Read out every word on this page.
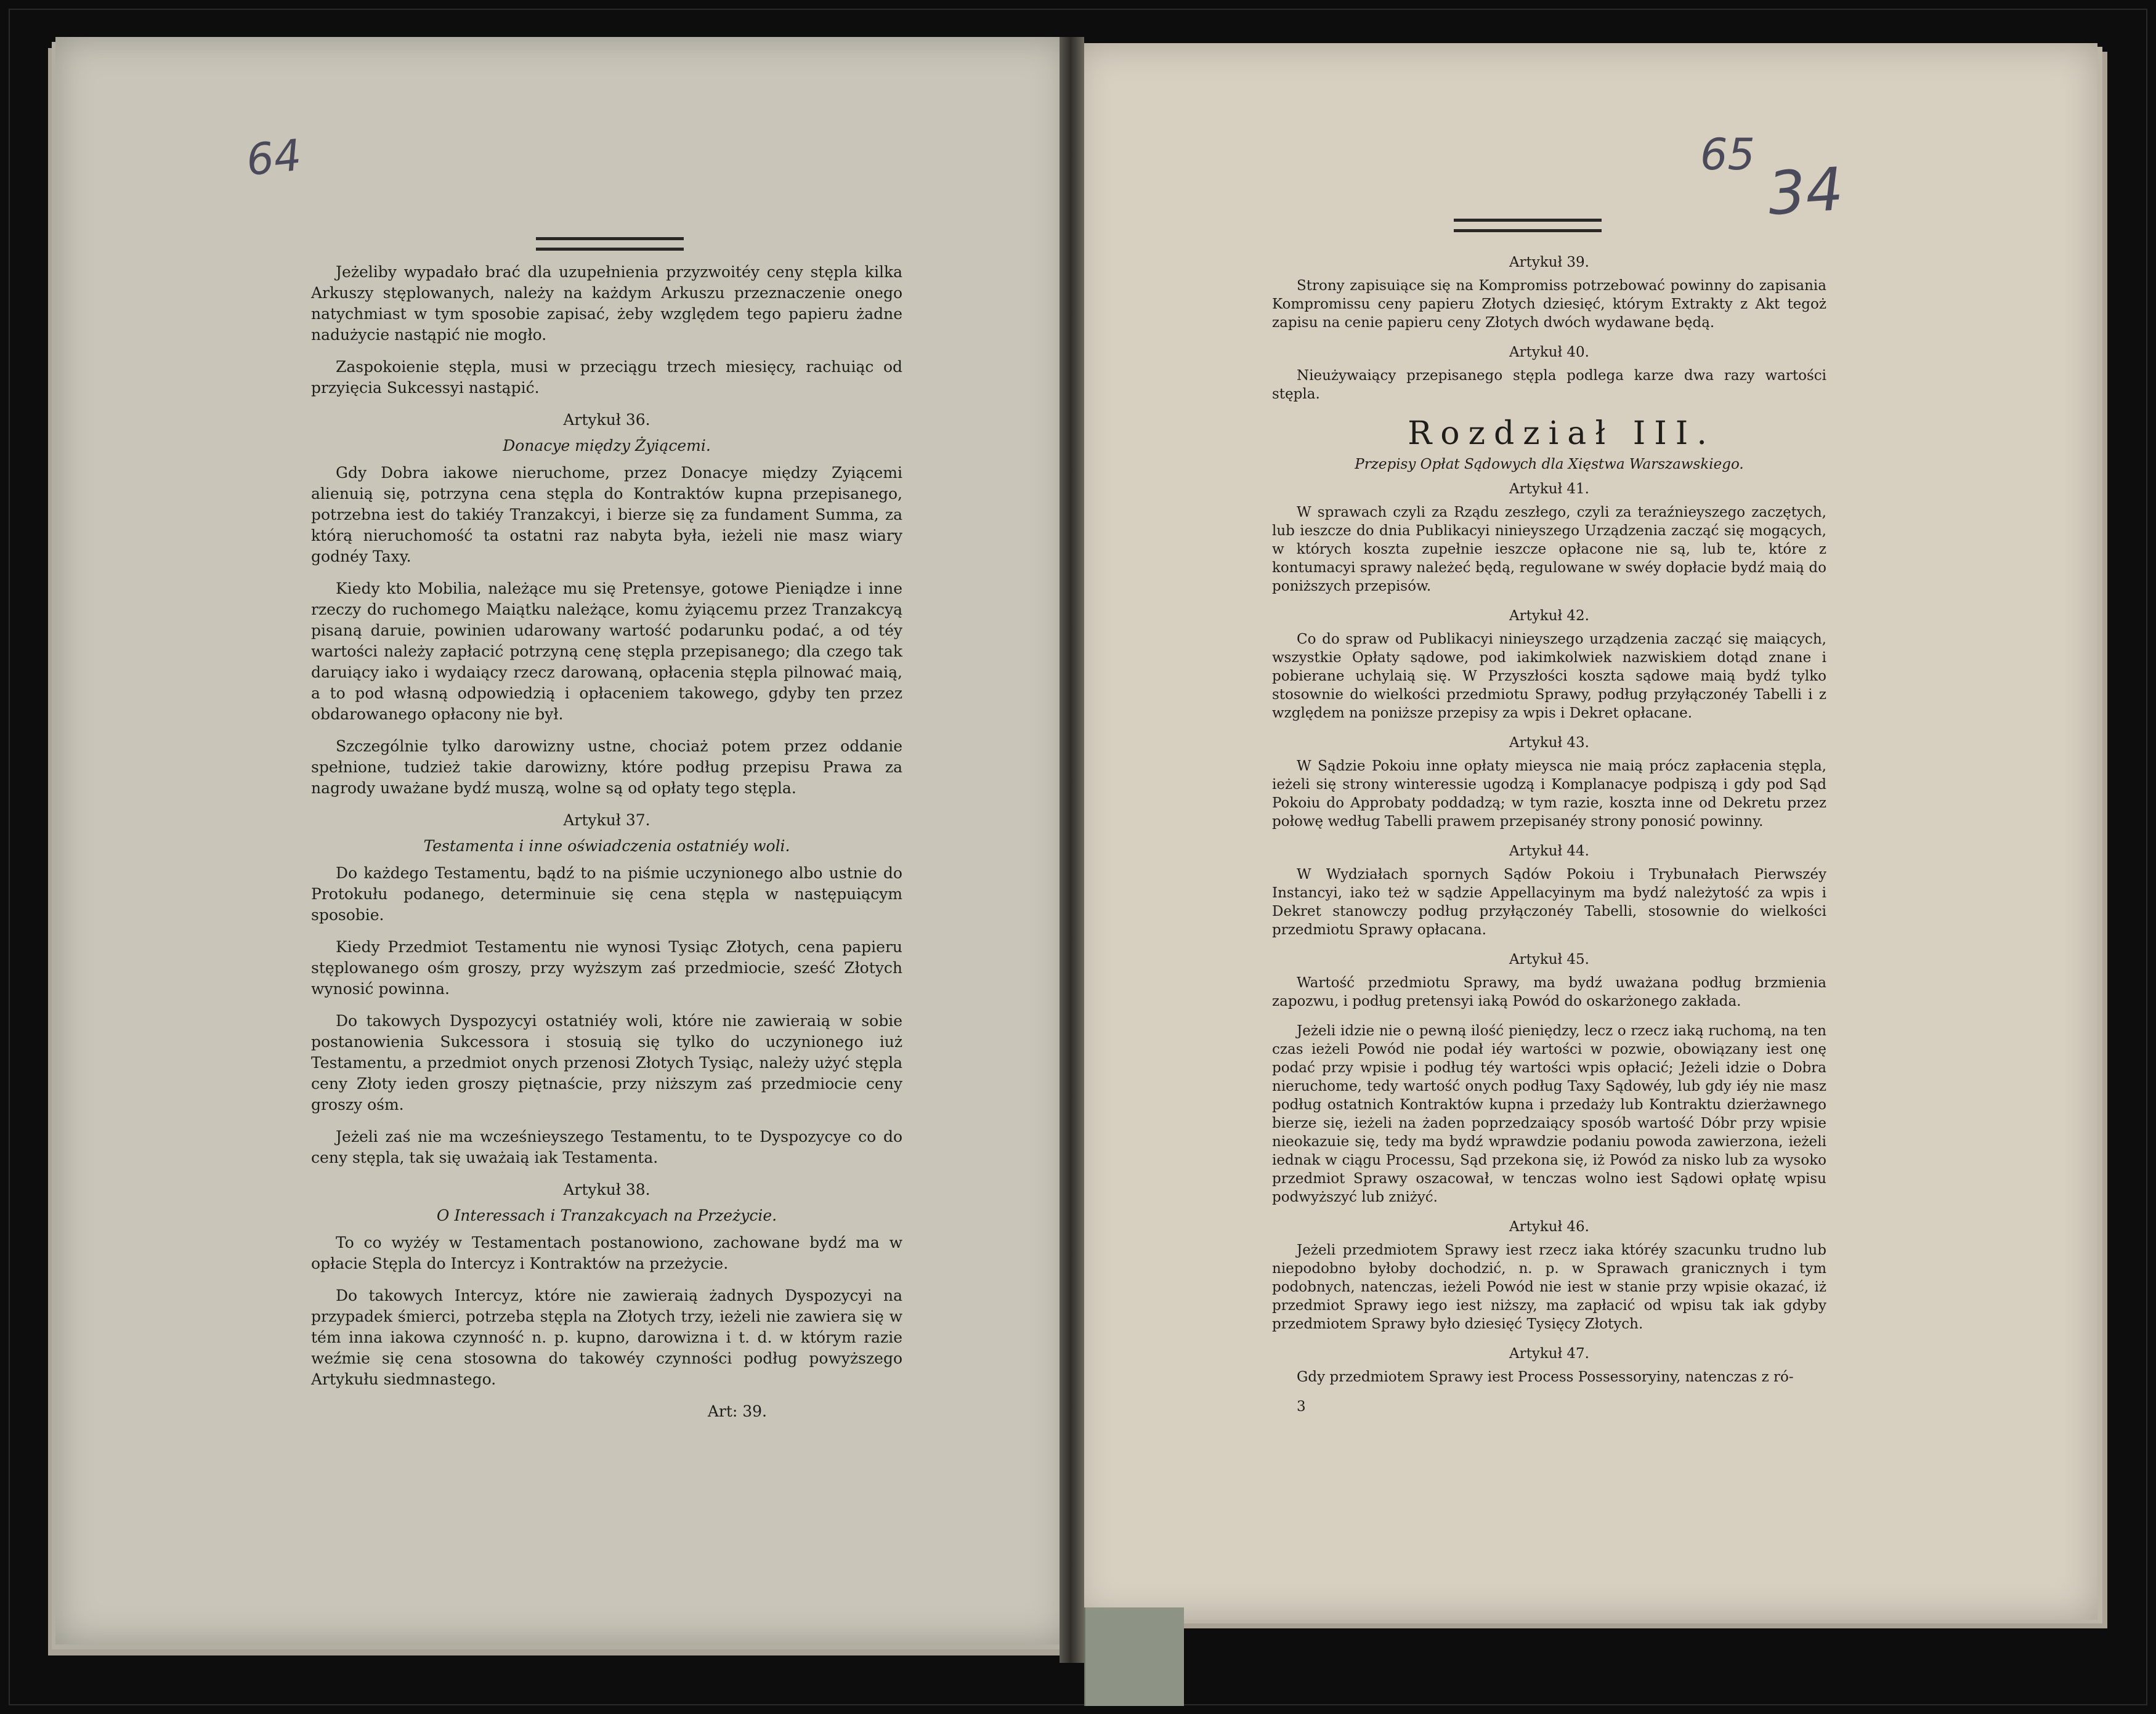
64

Jeżeliby wypadało brać dla uzupełnienia przyzwoitéy ceny stępla kilka Arkuszy stęplowanych, należy na każdym Arkuszu przeznaczenie onego natychmiast w tym sposobie zapisać, żeby względem tego papieru żadne nadużycie nastąpić nie mogło.

Zaspokoienie stępla, musi w przeciągu trzech miesięcy, rachuiąc od przyięcia Sukcessyi nastąpić.

Artykuł 36.

Donacye między Żyiącemi.

Gdy Dobra iakowe nieruchome, przez Donacye między Zyiącemi alienuią się, potrzyna cena stępla do Kontraktów kupna przepisanego, potrzebna iest do takiéy Tranzakcyi, i bierze się za fundament Summa, za którą nieruchomość ta ostatni raz nabyta była, ieżeli nie masz wiary godnéy Taxy.

Kiedy kto Mobilia, należące mu się Pretensye, gotowe Pieniądze i inne rzeczy do ruchomego Maiątku należące, komu żyiącemu przez Tranzakcyą pisaną daruie, powinien udarowany wartość podarunku podać, a od téy wartości należy zapłacić potrzyną cenę stępla przepisanego; dla czego tak daruiący iako i wydaiący rzecz darowaną, opłacenia stępla pilnować maią, a to pod własną odpowiedzią i opłaceniem takowego, gdyby ten przez obdarowanego opłacony nie był.

Szczególnie tylko darowizny ustne, chociaż potem przez oddanie spełnione, tudzież takie darowizny, które podług przepisu Prawa za nagrody uważane bydź muszą, wolne są od opłaty tego stępla.

Artykuł 37.

Testamenta i inne oświadczenia ostatniéy woli.

Do każdego Testamentu, bądź to na piśmie uczynionego albo ustnie do Protokułu podanego, determinuie się cena stępla w następuiącym sposobie.

Kiedy Przedmiot Testamentu nie wynosi Tysiąc Złotych, cena papieru stęplowanego ośm groszy, przy wyższym zaś przedmiocie, sześć Złotych wynosić powinna.

Do takowych Dyspozycyi ostatniéy woli, które nie zawieraią w sobie postanowienia Sukcessora i stosuią się tylko do uczynionego iuż Testamentu, a przedmiot onych przenosi Złotych Tysiąc, należy użyć stępla ceny Złoty ieden groszy piętnaście, przy niższym zaś przedmiocie ceny groszy ośm.

Jeżeli zaś nie ma wcześnieyszego Testamentu, to te Dyspozycye co do ceny stępla, tak się uważaią iak Testamenta.

Artykuł 38.

O Interessach i Tranzakcyach na Przeżycie.

To co wyżéy w Testamentach postanowiono, zachowane bydź ma w opłacie Stępla do Intercyz i Kontraktów na przeżycie.

Do takowych Intercyz, które nie zawieraią żadnych Dyspozycyi na przypadek śmierci, potrzeba stępla na Złotych trzy, ieżeli nie zawiera się w tém inna iakowa czynność n. p. kupno, darowizna i t. d. w którym razie weźmie się cena stosowna do takowéy czynności podług powyższego Artykułu siedmnastego.

Art: 39.

65 34

Artykuł 39.

Strony zapisuiące się na Kompromiss potrzebować powinny do zapisania Kompromissu ceny papieru Złotych dziesięć, którym Extrakty z Akt tegoż zapisu na cenie papieru ceny Złotych dwóch wydawane będą.

Artykuł 40.

Nieużywaiący przepisanego stępla podlega karze dwa razy wartości stępla.

Rozdział III.

Przepisy Opłat Sądowych dla Xięstwa Warszawskiego.

Artykuł 41.

W sprawach czyli za Rządu zeszłego, czyli za teraźnieyszego zaczętych, lub ieszcze do dnia Publikacyi ninieyszego Urządzenia zacząć się mogących, w których koszta zupełnie ieszcze opłacone nie są, lub te, które z kontumacyi sprawy należeć będą, regulowane w swéy dopłacie bydź maią do poniższych przepisów.

Artykuł 42.

Co do spraw od Publikacyi ninieyszego urządzenia zacząć się maiących, wszystkie Opłaty sądowe, pod iakimkolwiek nazwiskiem dotąd znane i pobierane uchylaią się. W Przyszłości koszta sądowe maią bydź tylko stosownie do wielkości przedmiotu Sprawy, podług przyłączonéy Tabelli i z względem na poniższe przepisy za wpis i Dekret opłacane.

Artykuł 43.

W Sądzie Pokoiu inne opłaty mieysca nie maią prócz zapłacenia stępla, ieżeli się strony winteressie ugodzą i Komplanacye podpiszą i gdy pod Sąd Pokoiu do Approbaty poddadzą; w tym razie, koszta inne od Dekretu przez połowę według Tabelli prawem przepisanéy strony ponosić powinny.

Artykuł 44.

W Wydziałach spornych Sądów Pokoiu i Trybunałach Pierwszéy Instancyi, iako też w sądzie Appellacyinym ma bydź należytość za wpis i Dekret stanowczy podług przyłączonéy Tabelli, stosownie do wielkości przedmiotu Sprawy opłacana.

Artykuł 45.

Wartość przedmiotu Sprawy, ma bydź uważana podług brzmienia zapozwu, i podług pretensyi iaką Powód do oskarżonego zakłada.

Jeżeli idzie nie o pewną ilość pieniędzy, lecz o rzecz iaką ruchomą, na ten czas ieżeli Powód nie podał iéy wartości w pozwie, obowiązany iest onę podać przy wpisie i podług téy wartości wpis opłacić; Jeżeli idzie o Dobra nieruchome, tedy wartość onych podług Taxy Sądowéy, lub gdy iéy nie masz podług ostatnich Kontraktów kupna i przedaży lub Kontraktu dzierżawnego bierze się, ieżeli na żaden poprzedzaiący sposób wartość Dóbr przy wpisie nieokazuie się, tedy ma bydź wprawdzie podaniu powoda zawierzona, ieżeli iednak w ciągu Processu, Sąd przekona się, iż Powód za nisko lub za wysoko przedmiot Sprawy oszacował, w tenczas wolno iest Sądowi opłatę wpisu podwyższyć lub zniżyć.

Artykuł 46.

Jeżeli przedmiotem Sprawy iest rzecz iaka któréy szacunku trudno lub niepodobno byłoby dochodzić, n. p. w Sprawach granicznych i tym podobnych, natenczas, ieżeli Powód nie iest w stanie przy wpisie okazać, iż przedmiot Sprawy iego iest niższy, ma zapłacić od wpisu tak iak gdyby przedmiotem Sprawy było dziesięć Tysięcy Złotych.

Artykuł 47.

Gdy przedmiotem Sprawy iest Process Possessoryiny, natenczas z ró-

3
